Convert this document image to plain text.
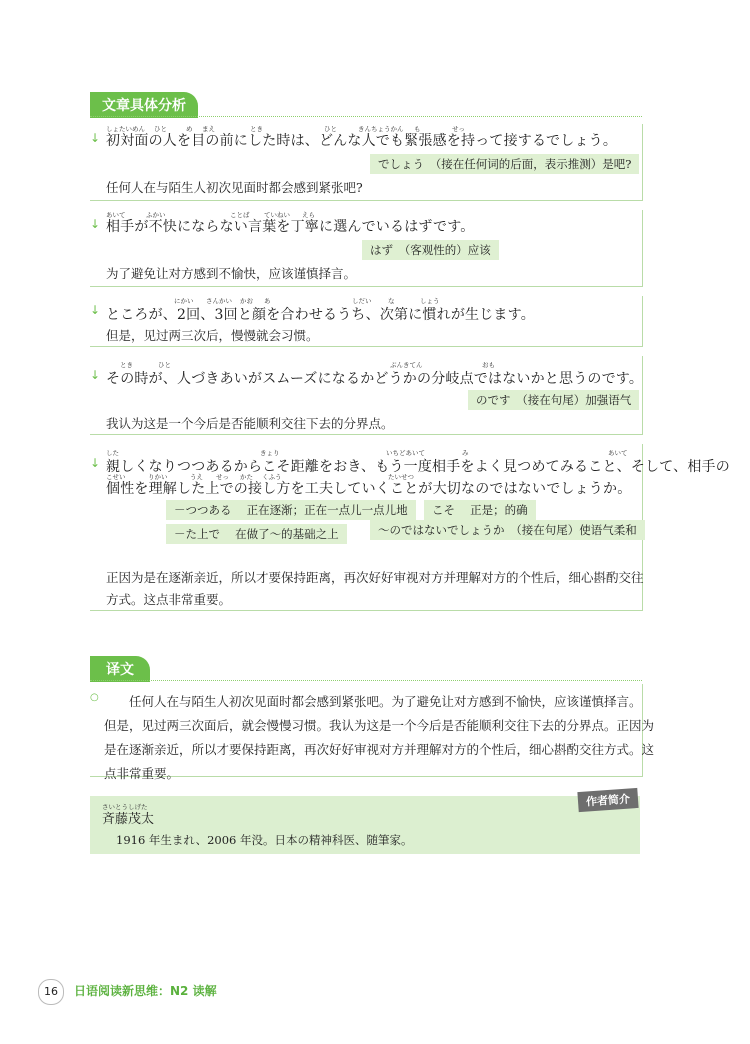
文章具体分析
↓
しょたいめん ひと	め まえ	とき	ひと	きんちょうかん も	せっ
初対面の人を目の前にした時は、どんな人でも緊張感を持って接するでしょう。
でしょう　（接在任何词的后面，表示推测）是吧?
任何人在与陌生人初次见面时都会感到紧张吧?
↓
あいて	ふかい	ことば ていねい えら
相手が不快にならない言葉を丁寧に選んでいるはずです。
はず　（客观性的）应该
为了避免让对方感到不愉快，应该谨慎择言。
↓
にかい さんかい かお あ	しだい	な	しょう
ところが、2回、3回と顔を合わせるうち、次第に慣れが生じます。
但是，见过两三次后，慢慢就会习惯。
↓
とき	ひと	ぶんきてん	おも
その時が、人づきあいがスムーズになるかどうかの分岐点ではないかと思うのです。
のです　（接在句尾）加强语气
我认为这是一个今后是否能顺利交往下去的分界点。
↓
した	きょり	いちどあいて	み	あいて
親しくなりつつあるからこそ距離をおき、もう一度相手をよく見つめてみること、そして、相手の
こせい	りかい	うえ せっ かた くふう	たいせつ
個性を理解した上での接し方を工夫していくことが大切なのではないでしょうか。
－つつある　 正在逐渐；正在一点儿一点儿地	こそ　 正是；的确
－た上で　 在做了～的基础之上	～のではないでしょうか　（接在句尾）使语气柔和
正因为是在逐渐亲近，所以才要保持距离，再次好好审视对方并理解对方的个性后，细心斟酌交往
方式。这点非常重要。
译文
○	任何人在与陌生人初次见面时都会感到紧张吧。为了避免让对方感到不愉快，应该谨慎择言。
但是，见过两三次面后，就会慢慢习惯。我认为这是一个今后是否能顺利交往下去的分界点。正因为
是在逐渐亲近，所以才要保持距离，再次好好审视对方并理解对方的个性后，细心斟酌交往方式。这
点非常重要。
作者简介
さいとうしげた
斉藤茂太
1916 年生まれ、2006 年没。日本の精神科医、随筆家。
16	日语阅读新思维：N2 读解
